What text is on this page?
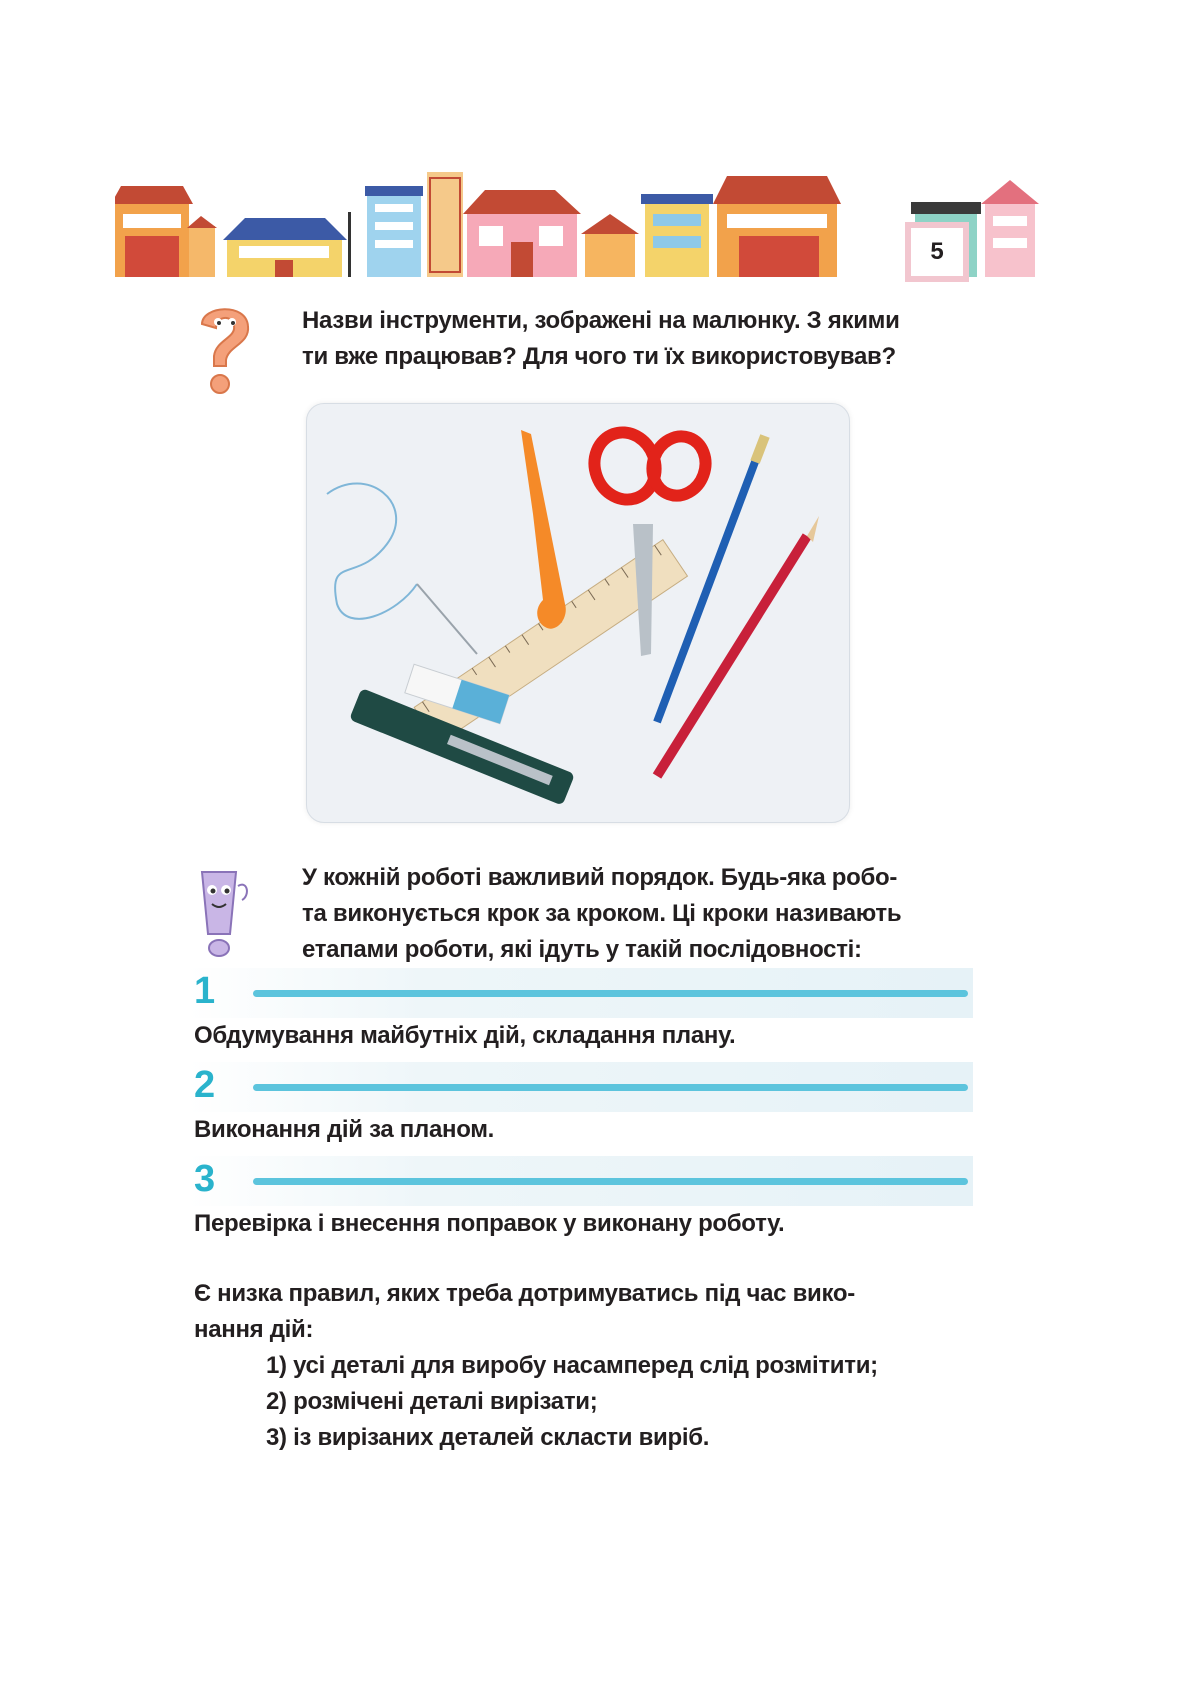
5
Назви інструменти, зображені на малюнку. З якими
ти вже працював? Для чого ти їх використовував?
У кожній роботі важливий порядок. Будь-яка робо-
та виконується крок за кроком. Ці кроки називають
етапами роботи, які ідуть у такій послідовності:
1
Обдумування майбутніх дій, складання плану.
2
Виконання дій за планом.
3
Перевірка і внесення поправок у виконану роботу.
Є низка правил, яких треба дотримуватись під час вико-
нання дій:
1) усі деталі для виробу насамперед слід розмітити;
2) розмічені деталі вирізати;
3) із вирізаних деталей скласти виріб.
